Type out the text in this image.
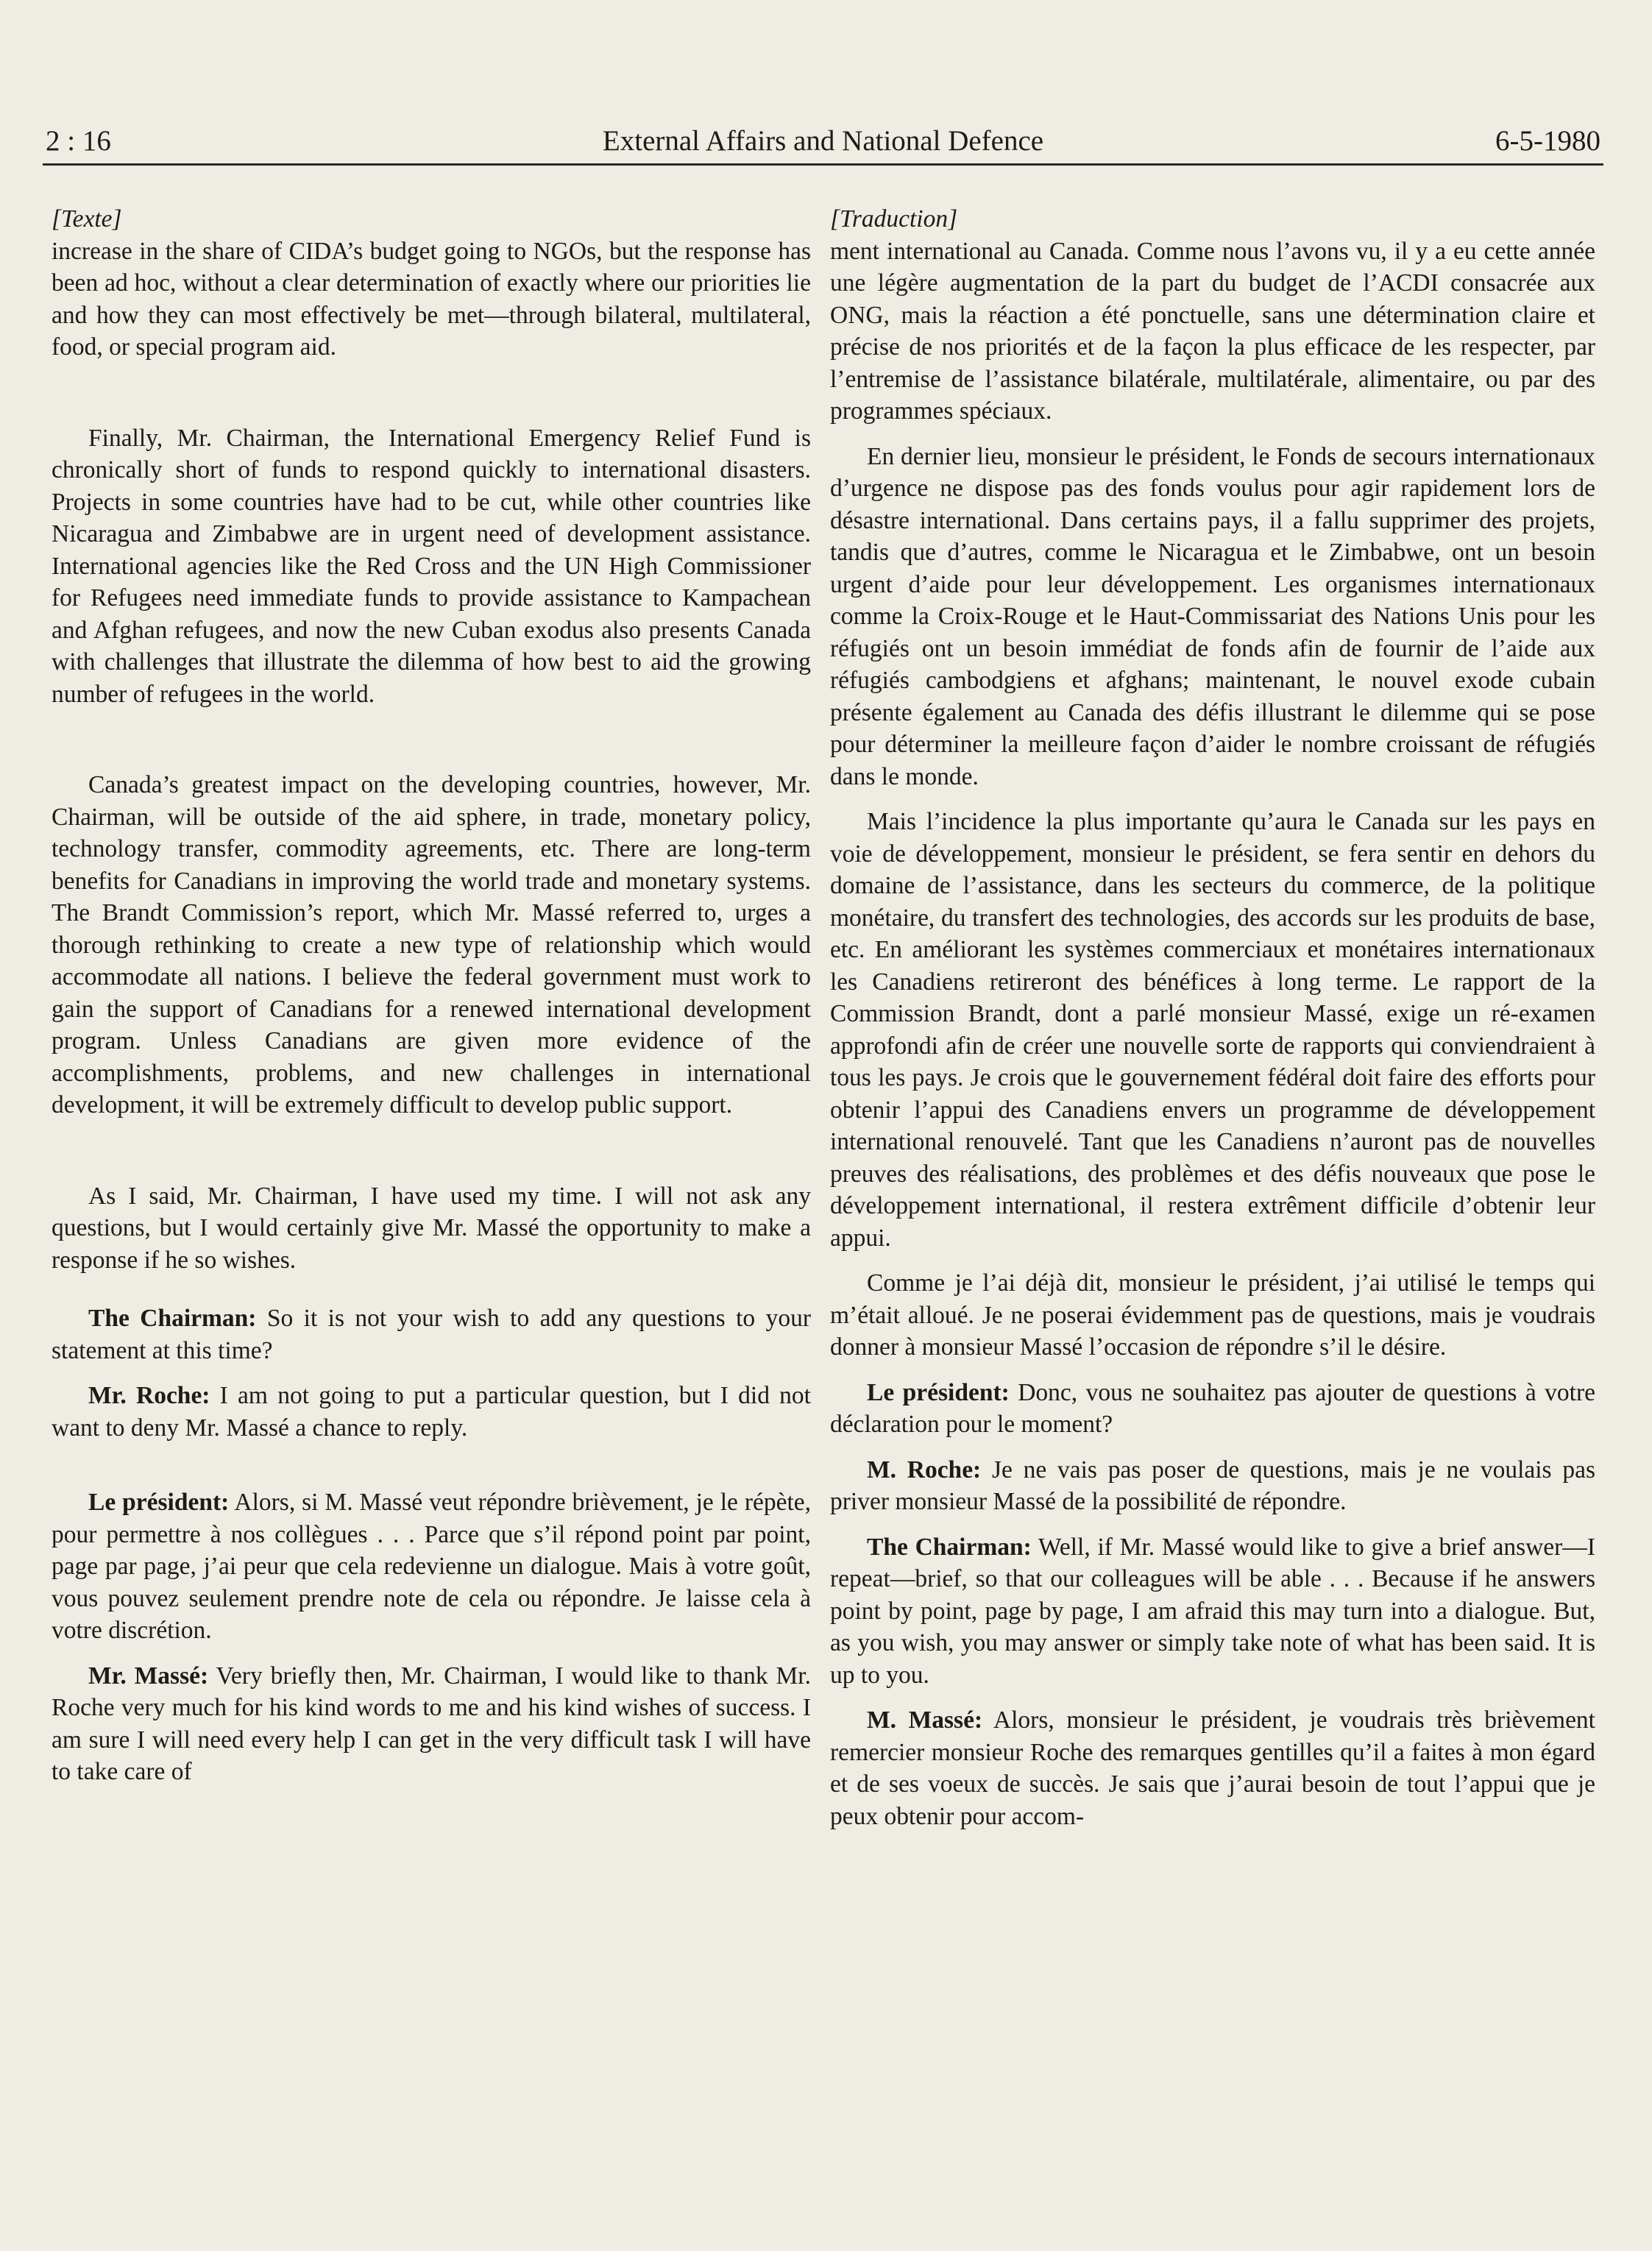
2 : 16	External Affairs and National Defence	6-5-1980

[Texte]

increase in the share of CIDA’s budget going to NGOs, but the response has been ad hoc, without a clear determination of exactly where our priorities lie and how they can most effectively be met—through bilateral, multilateral, food, or special program aid.

Finally, Mr. Chairman, the International Emergency Relief Fund is chronically short of funds to respond quickly to international disasters. Projects in some countries have had to be cut, while other countries like Nicaragua and Zimbabwe are in urgent need of development assistance. International agencies like the Red Cross and the UN High Commissioner for Refugees need immediate funds to provide assistance to Kampachean and Afghan refugees, and now the new Cuban exodus also presents Canada with challenges that illustrate the dilemma of how best to aid the growing number of refugees in the world.

Canada’s greatest impact on the developing countries, however, Mr. Chairman, will be outside of the aid sphere, in trade, monetary policy, technology transfer, commodity agreements, etc. There are long-term benefits for Canadians in improving the world trade and monetary systems. The Brandt Commission’s report, which Mr. Massé referred to, urges a thorough rethinking to create a new type of relationship which would accommodate all nations. I believe the federal government must work to gain the support of Canadians for a renewed international development program. Unless Canadians are given more evidence of the accomplishments, problems, and new challenges in international development, it will be extremely difficult to develop public support.

As I said, Mr. Chairman, I have used my time. I will not ask any questions, but I would certainly give Mr. Massé the opportunity to make a response if he so wishes.

The Chairman: So it is not your wish to add any questions to your statement at this time?

Mr. Roche: I am not going to put a particular question, but I did not want to deny Mr. Massé a chance to reply.

Le président: Alors, si M. Massé veut répondre brièvement, je le répète, pour permettre à nos collègues . . . Parce que s’il répond point par point, page par page, j’ai peur que cela redevienne un dialogue. Mais à votre goût, vous pouvez seulement prendre note de cela ou répondre. Je laisse cela à votre discrétion.

Mr. Massé: Very briefly then, Mr. Chairman, I would like to thank Mr. Roche very much for his kind words to me and his kind wishes of success. I am sure I will need every help I can get in the very difficult task I will have to take care of

[Traduction]

ment international au Canada. Comme nous l’avons vu, il y a eu cette année une légère augmentation de la part du budget de l’ACDI consacrée aux ONG, mais la réaction a été ponctuelle, sans une détermination claire et précise de nos priorités et de la façon la plus efficace de les respecter, par l’entremise de l’assistance bilatérale, multilatérale, alimentaire, ou par des programmes spéciaux.

En dernier lieu, monsieur le président, le Fonds de secours internationaux d’urgence ne dispose pas des fonds voulus pour agir rapidement lors de désastre international. Dans certains pays, il a fallu supprimer des projets, tandis que d’autres, comme le Nicaragua et le Zimbabwe, ont un besoin urgent d’aide pour leur développement. Les organismes internationaux comme la Croix-Rouge et le Haut-Commissariat des Nations Unis pour les réfugiés ont un besoin immédiat de fonds afin de fournir de l’aide aux réfugiés cambodgiens et afghans; maintenant, le nouvel exode cubain présente également au Canada des défis illustrant le dilemme qui se pose pour déterminer la meilleure façon d’aider le nombre croissant de réfugiés dans le monde.

Mais l’incidence la plus importante qu’aura le Canada sur les pays en voie de développement, monsieur le président, se fera sentir en dehors du domaine de l’assistance, dans les secteurs du commerce, de la politique monétaire, du transfert des technologies, des accords sur les produits de base, etc. En améliorant les systèmes commerciaux et monétaires internationaux les Canadiens retireront des bénéfices à long terme. Le rapport de la Commission Brandt, dont a parlé monsieur Massé, exige un ré-examen approfondi afin de créer une nouvelle sorte de rapports qui conviendraient à tous les pays. Je crois que le gouvernement fédéral doit faire des efforts pour obtenir l’appui des Canadiens envers un programme de développement international renouvelé. Tant que les Canadiens n’auront pas de nouvelles preuves des réalisations, des problèmes et des défis nouveaux que pose le développement international, il restera extrêment difficile d’obtenir leur appui.

Comme je l’ai déjà dit, monsieur le président, j’ai utilisé le temps qui m’était alloué. Je ne poserai évidemment pas de questions, mais je voudrais donner à monsieur Massé l’occasion de répondre s’il le désire.

Le président: Donc, vous ne souhaitez pas ajouter de questions à votre déclaration pour le moment?

M. Roche: Je ne vais pas poser de questions, mais je ne voulais pas priver monsieur Massé de la possibilité de répondre.

The Chairman: Well, if Mr. Massé would like to give a brief answer—I repeat—brief, so that our colleagues will be able . . . Because if he answers point by point, page by page, I am afraid this may turn into a dialogue. But, as you wish, you may answer or simply take note of what has been said. It is up to you.

M. Massé: Alors, monsieur le président, je voudrais très brièvement remercier monsieur Roche des remarques gentilles qu’il a faites à mon égard et de ses voeux de succès. Je sais que j’aurai besoin de tout l’appui que je peux obtenir pour accom-
